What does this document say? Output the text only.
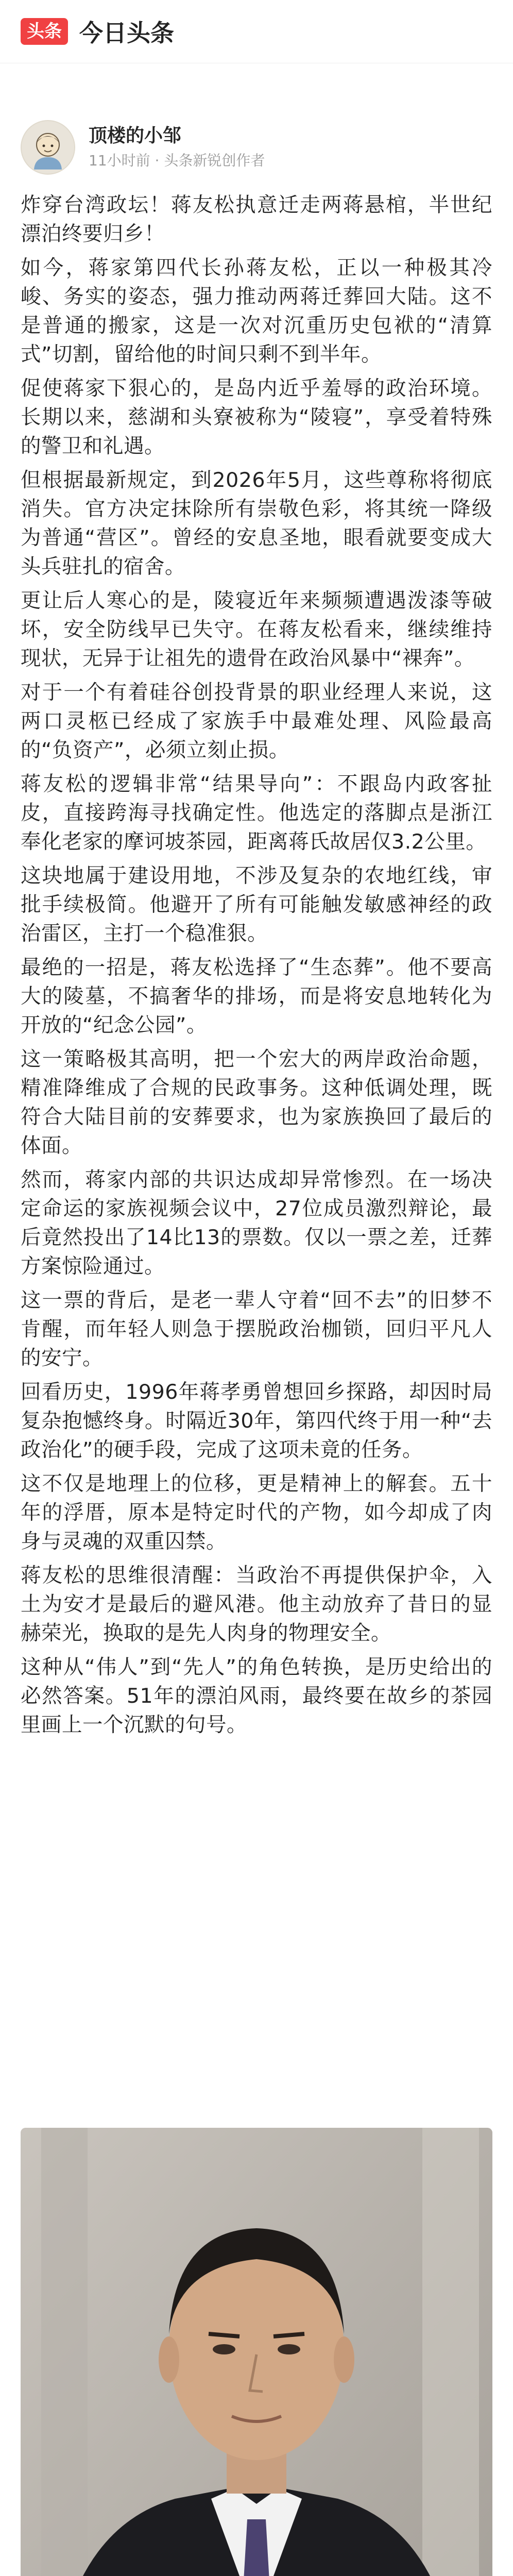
头条 今日头条
顶楼的小邹
11小时前 · 头条新锐创作者

炸穿台湾政坛！蒋友松执意迁走两蒋悬棺，半世纪漂泊终要归乡！

如今，蒋家第四代长孙蒋友松，正以一种极其冷峻、务实的姿态，强力推动两蒋迁葬回大陆。这不是普通的搬家，这是一次对沉重历史包袱的“清算式”切割，留给他的时间只剩不到半年。

促使蒋家下狠心的，是岛内近乎羞辱的政治环境。长期以来，慈湖和头寮被称为“陵寝”，享受着特殊的警卫和礼遇。

但根据最新规定，到2026年5月，这些尊称将彻底消失。官方决定抹除所有崇敬色彩，将其统一降级为普通“营区”。曾经的安息圣地，眼看就要变成大头兵驻扎的宿舍。

更让后人寒心的是，陵寝近年来频频遭遇泼漆等破坏，安全防线早已失守。在蒋友松看来，继续维持现状，无异于让祖先的遗骨在政治风暴中“裸奔”。

对于一个有着硅谷创投背景的职业经理人来说，这两口灵柩已经成了家族手中最难处理、风险最高的“负资产”，必须立刻止损。

蒋友松的逻辑非常“结果导向”：不跟岛内政客扯皮，直接跨海寻找确定性。他选定的落脚点是浙江奉化老家的摩诃坡茶园，距离蒋氏故居仅3.2公里。

这块地属于建设用地，不涉及复杂的农地红线，审批手续极简。他避开了所有可能触发敏感神经的政治雷区，主打一个稳准狠。

最绝的一招是，蒋友松选择了“生态葬”。他不要高大的陵墓，不搞奢华的排场，而是将安息地转化为开放的“纪念公园”。

这一策略极其高明，把一个宏大的两岸政治命题，精准降维成了合规的民政事务。这种低调处理，既符合大陆目前的安葬要求，也为家族换回了最后的体面。

然而，蒋家内部的共识达成却异常惨烈。在一场决定命运的家族视频会议中，27位成员激烈辩论，最后竟然投出了14比13的票数。仅以一票之差，迁葬方案惊险通过。

这一票的背后，是老一辈人守着“回不去”的旧梦不肯醒，而年轻人则急于摆脱政治枷锁，回归平凡人的安宁。

回看历史，1996年蒋孝勇曾想回乡探路，却因时局复杂抱憾终身。时隔近30年，第四代终于用一种“去政治化”的硬手段，完成了这项未竟的任务。

这不仅是地理上的位移，更是精神上的解套。五十年的浮厝，原本是特定时代的产物，如今却成了肉身与灵魂的双重囚禁。

蒋友松的思维很清醒：当政治不再提供保护伞，入土为安才是最后的避风港。他主动放弃了昔日的显赫荣光，换取的是先人肉身的物理安全。

这种从“伟人”到“先人”的角色转换，是历史给出的必然答案。51年的漂泊风雨，最终要在故乡的茶园里画上一个沉默的句号。
